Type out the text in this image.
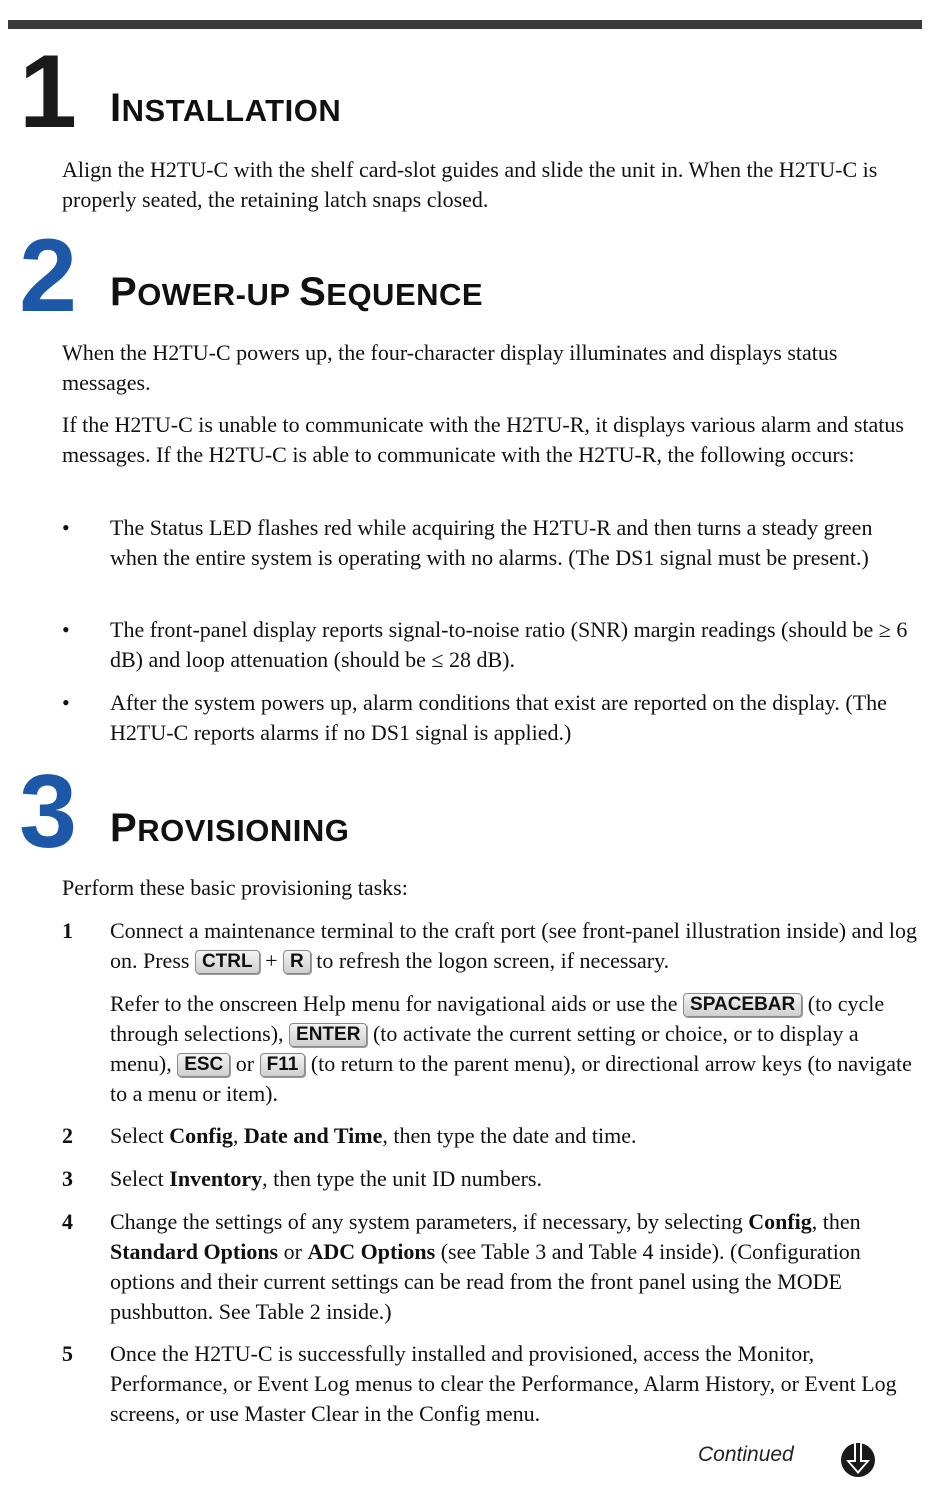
1 INSTALLATION
Align the H2TU-C with the shelf card-slot guides and slide the unit in. When the H2TU-C is properly seated, the retaining latch snaps closed.
2 POWER-UP SEQUENCE
When the H2TU-C powers up, the four-character display illuminates and displays status messages.
If the H2TU-C is unable to communicate with the H2TU-R, it displays various alarm and status messages. If the H2TU-C is able to communicate with the H2TU-R, the following occurs:
• The Status LED flashes red while acquiring the H2TU-R and then turns a steady green when the entire system is operating with no alarms. (The DS1 signal must be present.)
• The front-panel display reports signal-to-noise ratio (SNR) margin readings (should be ≥ 6 dB) and loop attenuation (should be ≤ 28 dB).
• After the system powers up, alarm conditions that exist are reported on the display. (The H2TU-C reports alarms if no DS1 signal is applied.)
3 PROVISIONING
Perform these basic provisioning tasks:
1 Connect a maintenance terminal to the craft port (see front-panel illustration inside) and log on. Press CTRL + R to refresh the logon screen, if necessary.
Refer to the onscreen Help menu for navigational aids or use the SPACEBAR (to cycle through selections), ENTER (to activate the current setting or choice, or to display a menu), ESC or F11 (to return to the parent menu), or directional arrow keys (to navigate to a menu or item).
2 Select Config, Date and Time, then type the date and time.
3 Select Inventory, then type the unit ID numbers.
4 Change the settings of any system parameters, if necessary, by selecting Config, then Standard Options or ADC Options (see Table 3 and Table 4 inside). (Configuration options and their current settings can be read from the front panel using the MODE pushbutton. See Table 2 inside.)
5 Once the H2TU-C is successfully installed and provisioned, access the Monitor, Performance, or Event Log menus to clear the Performance, Alarm History, or Event Log screens, or use Master Clear in the Config menu.
Continued
